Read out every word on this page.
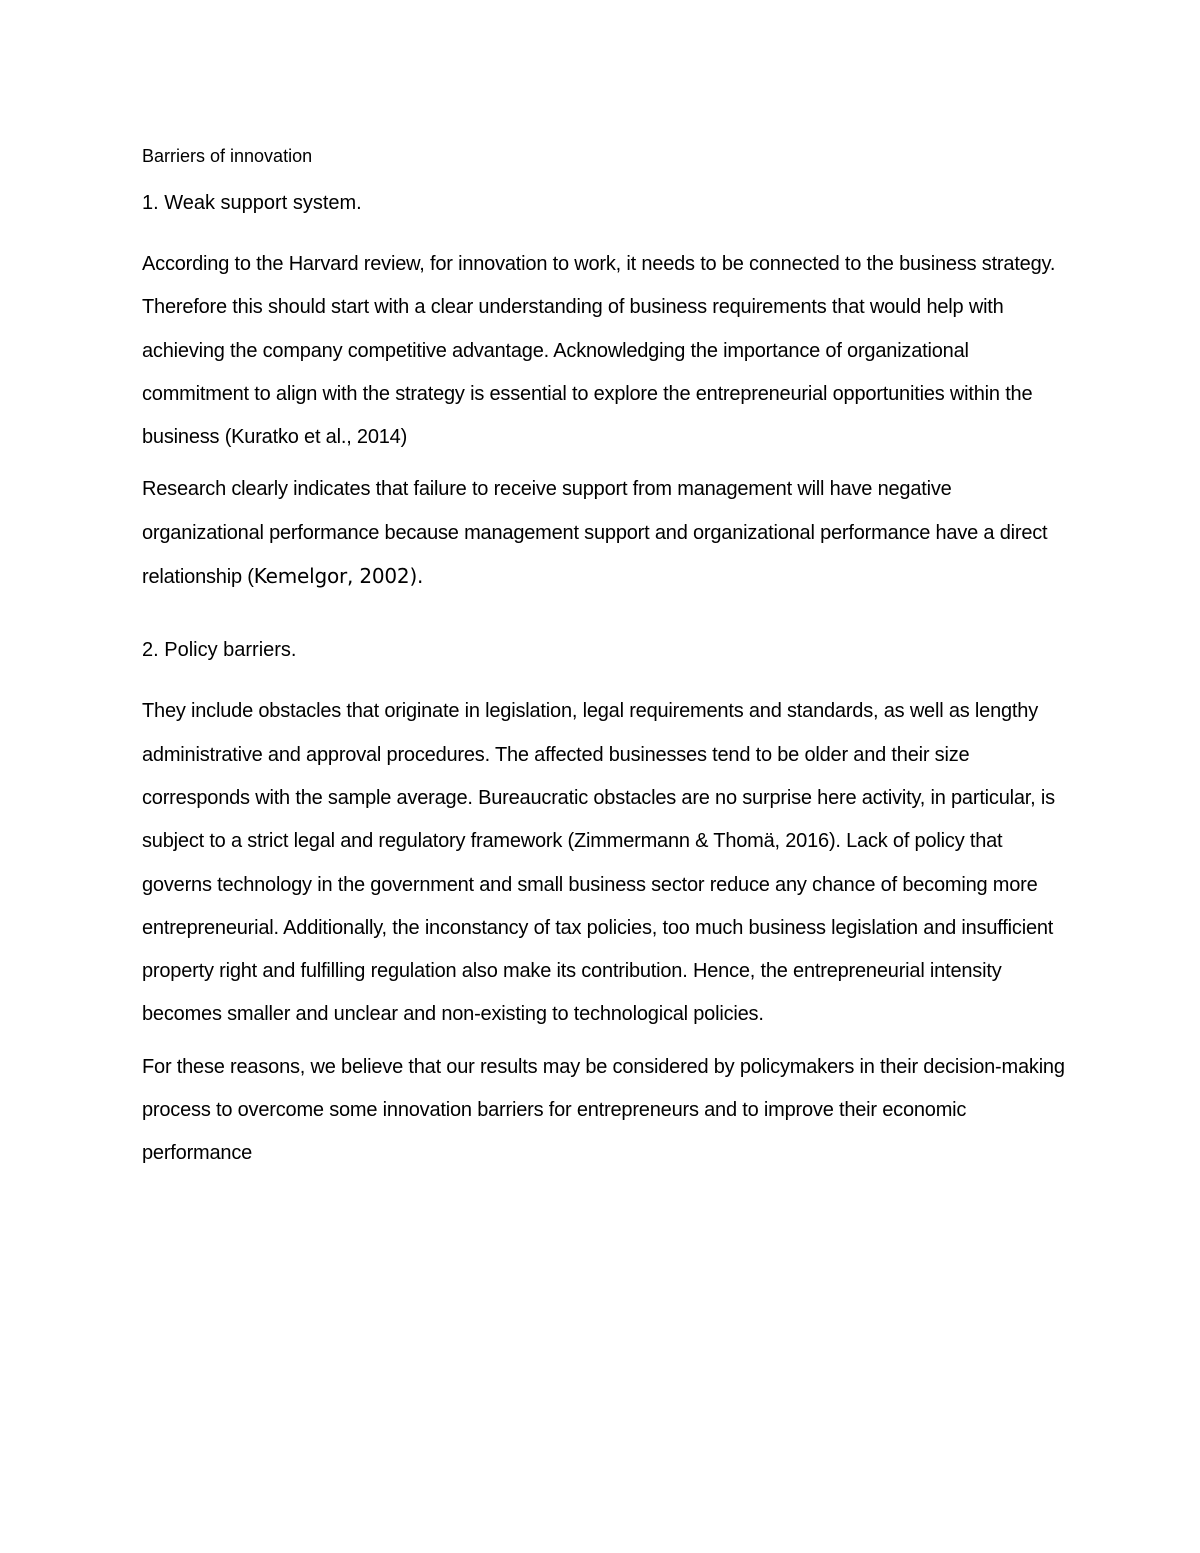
Barriers of innovation
1. Weak support system.

According to the Harvard review, for innovation to work, it needs to be connected to the business strategy. Therefore this should start with a clear understanding of business requirements that would help with achieving the company competitive advantage. Acknowledging the importance of organizational commitment to align with the strategy is essential to explore the entrepreneurial opportunities within the business (Kuratko et al., 2014)

Research clearly indicates that failure to receive support from management will have negative organizational performance because management support and organizational performance have a direct relationship (Kemelgor, 2002).

2. Policy barriers.

They include obstacles that originate in legislation, legal requirements and standards, as well as lengthy administrative and approval procedures. The affected businesses tend to be older and their size corresponds with the sample average. Bureaucratic obstacles are no surprise here activity, in particular, is subject to a strict legal and regulatory framework (Zimmermann & Thomä, 2016). Lack of policy that governs technology in the government and small business sector reduce any chance of becoming more entrepreneurial. Additionally, the inconstancy of tax policies, too much business legislation and insufficient property right and fulfilling regulation also make its contribution. Hence, the entrepreneurial intensity becomes smaller and unclear and non-existing to technological policies.

For these reasons, we believe that our results may be considered by policymakers in their decision-making process to overcome some innovation barriers for entrepreneurs and to improve their economic performance
